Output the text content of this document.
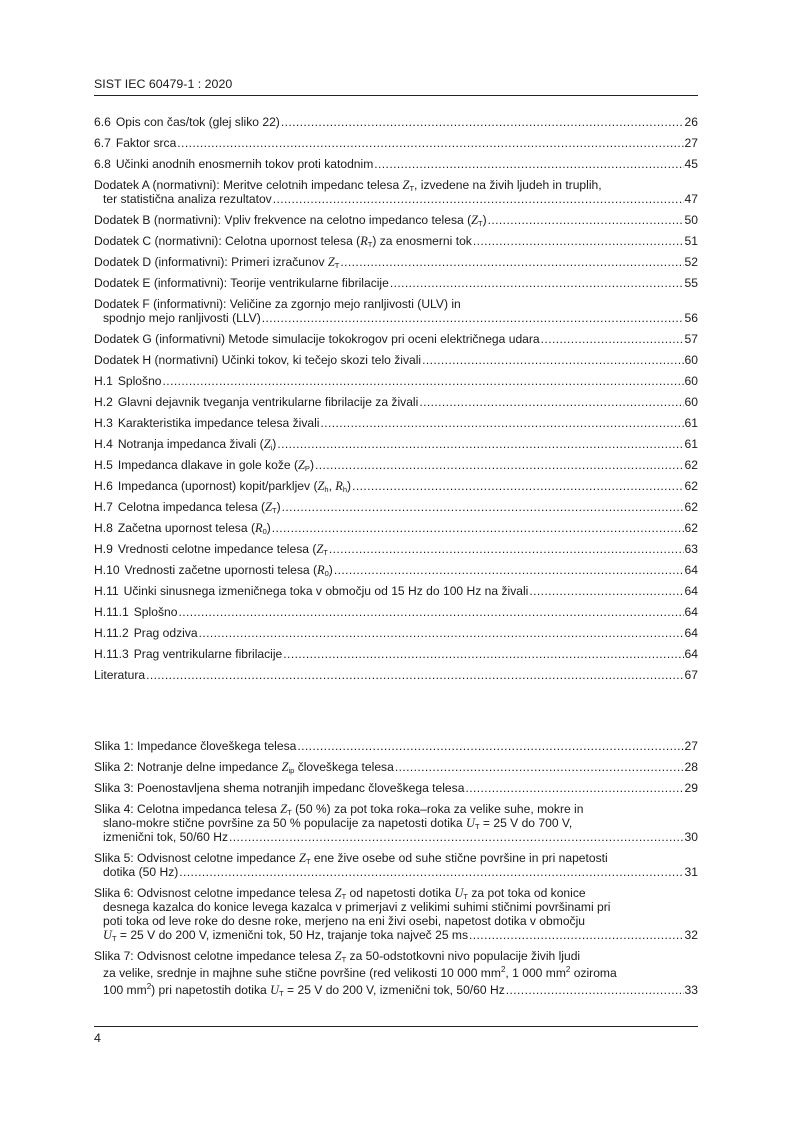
SIST IEC 60479-1 : 2020
6.6 Opis con čas/tok (glej sliko 22) .....	26
6.7 Faktor srca .....	27
6.8 Učinki anodnih enosmernih tokov proti katodnim .....	45
Dodatek A (normativni): Meritve celotnih impedanc telesa $Z_T$, izvedene na živih ljudeh in truplih,
ter statistična analiza rezultatov .....	47
Dodatek B (normativni): Vpliv frekvence na celotno impedanco telesa $(Z_T)$ .....	50
Dodatek C (normativni): Celotna upornost telesa $(R_T)$ za enosmerni tok .....	51
Dodatek D (informativni): Primeri izračunov $Z_T$ .....	52
Dodatek E (informativni): Teorije ventrikularne fibrilacije .....	55
Dodatek F (informativni): Veličine za zgornjo mejo ranljivosti (ULV) in
spodnjo mejo ranljivosti (LLV) .....	56
Dodatek G (informativni) Metode simulacije tokokrogov pri oceni električnega udara .....	57
Dodatek H (normativni) Učinki tokov, ki tečejo skozi telo živali .....	60
H.1 Splošno .....	60
H.2 Glavni dejavnik tveganja ventrikularne fibrilacije za živali .....	60
H.3 Karakteristika impedance telesa živali .....	61
H.4 Notranja impedanca živali $(Z_i)$ .....	61
H.5 Impedanca dlakave in gole kože $(Z_P)$ .....	62
H.6 Impedanca (upornost) kopit/parkljev ($Z_h$, $R_h$) .....	62
H.7 Celotna impedanca telesa $(Z_T)$ .....	62
H.8 Začetna upornost telesa $(R_0)$ .....	62
H.9 Vrednosti celotne impedance telesa ($Z_T$ .....	63
H.10 Vrednosti začetne upornosti telesa $(R_0)$ .....	64
H.11 Učinki sinusnega izmeničnega toka v območju od 15 Hz do 100 Hz na živali .....	64
H.11.1 Splošno .....	64
H.11.2 Prag odziva .....	64
H.11.3 Prag ventrikularne fibrilacije .....	64
Literatura .....	67
Slika 1: Impedance človeškega telesa .....	27
Slika 2: Notranje delne impedance $Z_{ip}$ človeškega telesa .....	28
Slika 3: Poenostavljena shema notranjih impedanc človeškega telesa .....	29
Slika 4: Celotna impedanca telesa $Z_T$ (50 %) za pot toka roka–roka za velike suhe, mokre in
slano-mokre stične površine za 50 % populacije za napetosti dotika $U_T = 25$ V do 700 V,
izmenični tok, 50/60 Hz .....	30
Slika 5: Odvisnost celotne impedance $Z_T$ ene žive osebe od suhe stične površine in pri napetosti
dotika (50 Hz) .....	31
Slika 6: Odvisnost celotne impedance telesa $Z_T$ od napetosti dotika $U_T$ za pot toka od konice
desnega kazalca do konice levega kazalca v primerjavi z velikimi suhimi stičnimi površinami pri
poti toka od leve roke do desne roke, merjeno na eni živi osebi, napetost dotika v območju
$U_T = 25$ V do 200 V, izmenični tok, 50 Hz, trajanje toka največ 25 ms .....	32
Slika 7: Odvisnost celotne impedance telesa $Z_T$ za 50-odstotkovni nivo populacije živih ljudi
za velike, srednje in majhne suhe stične površine (red velikosti 10 000 $mm^2$, 1 000 $mm^2$ oziroma
100 $mm^2$) pri napetostih dotika $U_T = 25$ V do 200 V, izmenični tok, 50/60 Hz .....	33
4
